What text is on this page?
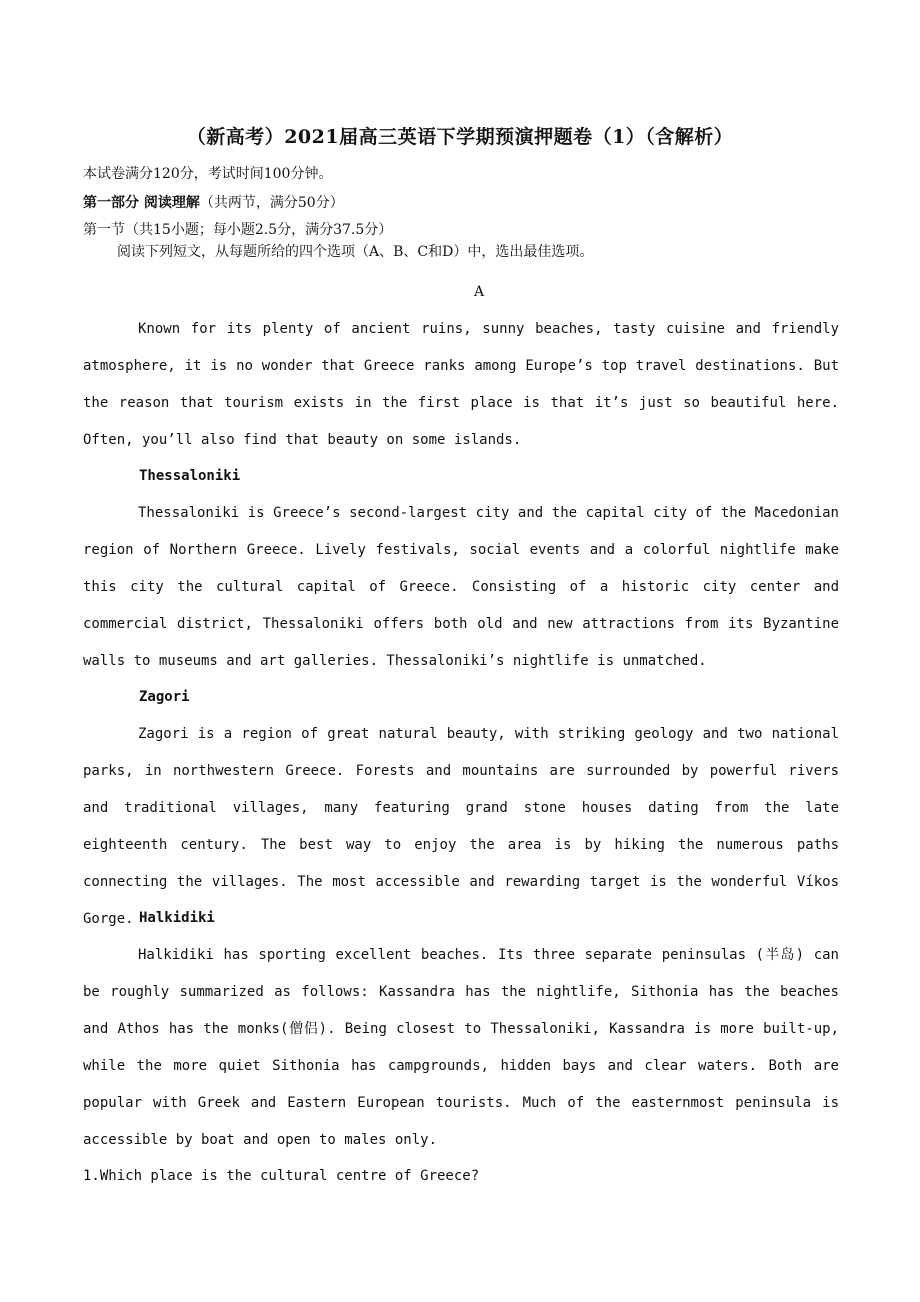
（新高考）2021届高三英语下学期预演押题卷（1）（含解析）
本试卷满分120分，考试时间100分钟。
第一部分 阅读理解（共两节，满分50分）
第一节（共15小题；每小题2.5分，满分37.5分）
阅读下列短文，从每题所给的四个选项（A、B、C和D）中，选出最佳选项。
A

Known for its plenty of ancient ruins, sunny beaches, tasty cuisine and friendly atmosphere, it is no wonder that Greece ranks among Europe’s top travel destinations. But the reason that tourism exists in the first place is that it’s just so beautiful here. Often, you’ll also find that beauty on some islands.

Thessaloniki

Thessaloniki is Greece’s second-largest city and the capital city of the Macedonian region of Northern Greece. Lively festivals, social events and a colorful nightlife make this city the cultural capital of Greece. Consisting of a historic city center and commercial district, Thessaloniki offers both old and new attractions from its Byzantine walls to museums and art galleries. Thessaloniki’s nightlife is unmatched.

Zagori

Zagori is a region of great natural beauty, with striking geology and two national parks, in northwestern Greece. Forests and mountains are surrounded by powerful rivers and traditional villages, many featuring grand stone houses dating from the late eighteenth century. The best way to enjoy the area is by hiking the numerous paths connecting the villages. The most accessible and rewarding target is the wonderful Víkos Gorge. Halkidiki

Halkidiki has sporting excellent beaches. Its three separate peninsulas (半岛) can be roughly summarized as follows: Kassandra has the nightlife, Sithonia has the beaches and Athos has the monks(僧侣). Being closest to Thessaloniki, Kassandra is more built-up, while the more quiet Sithonia has campgrounds, hidden bays and clear waters. Both are popular with Greek and Eastern European tourists. Much of the easternmost peninsula is accessible by boat and open to males only.

1.Which place is the cultural centre of Greece?
